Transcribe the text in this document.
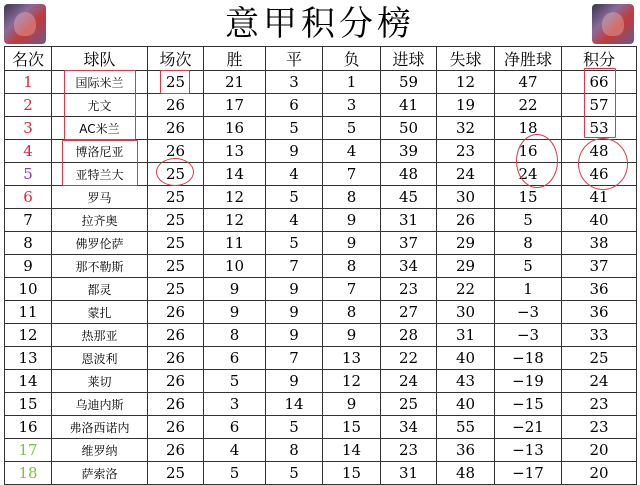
意甲积分榜
名次	球队	场次	胜	平	负	进球	失球	净胜球	积分
1	国际米兰	25	21	3	1	59	12	47	66
2	尤文	26	17	6	3	41	19	22	57
3	AC米兰	26	16	5	5	50	32	18	53
4	博洛尼亚	26	13	9	4	39	23	16	48
5	亚特兰大	25	14	4	7	48	24	24	46
6	罗马	25	12	5	8	45	30	15	41
7	拉齐奥	25	12	4	9	31	26	5	40
8	佛罗伦萨	25	11	5	9	37	29	8	38
9	那不勒斯	25	10	7	8	34	29	5	37
10	都灵	25	9	9	7	23	22	1	36
11	蒙扎	26	9	9	8	27	30	−3	36
12	热那亚	26	8	9	9	28	31	−3	33
13	恩波利	26	6	7	13	22	40	−18	25
14	莱切	26	5	9	12	24	43	−19	24
15	乌迪内斯	26	3	14	9	25	40	−15	23
16	弗洛西诺内	26	6	5	15	34	55	−21	23
17	维罗纳	26	4	8	14	23	36	−13	20
18	萨索洛	25	5	5	15	31	48	−17	20
